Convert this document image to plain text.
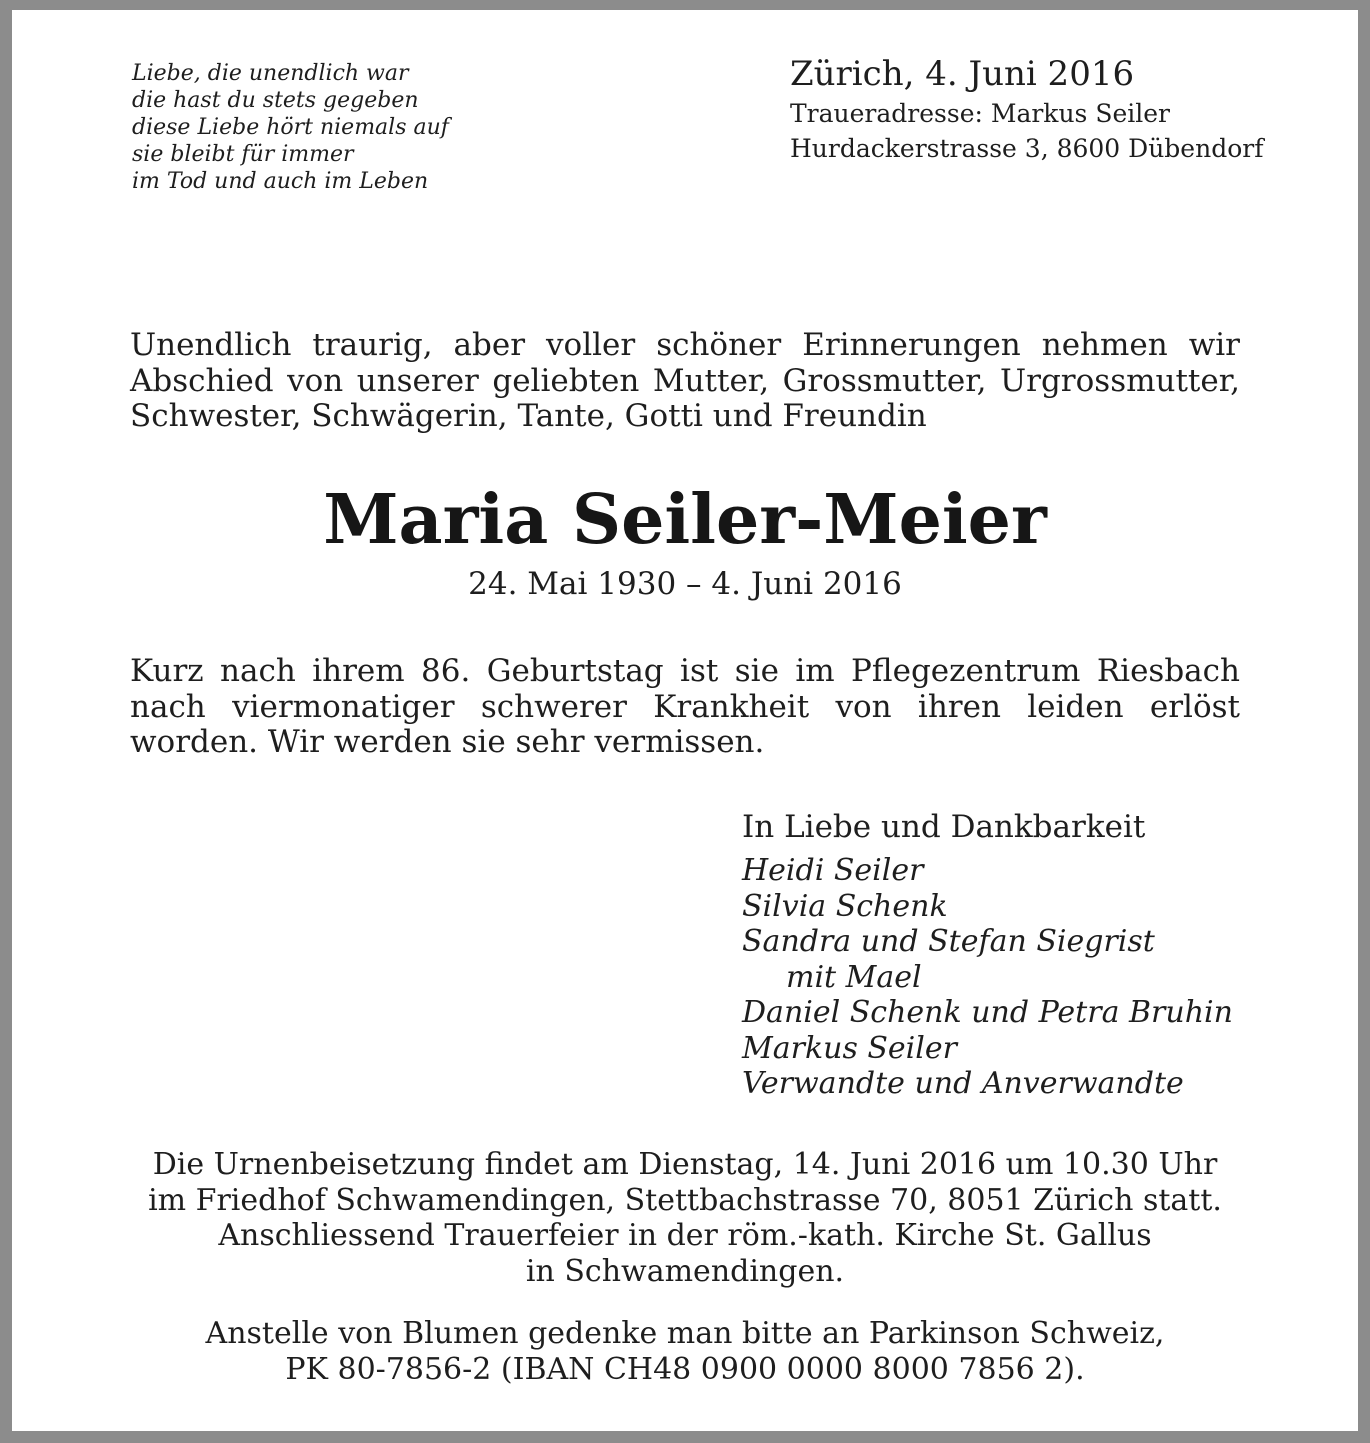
Liebe, die unendlich war
die hast du stets gegeben
diese Liebe hört niemals auf
sie bleibt für immer
im Tod und auch im Leben
Zürich, 4. Juni 2016
Traueradresse: Markus Seiler
Hurdackerstrasse 3, 8600 Dübendorf
Unendlich traurig, aber voller schöner Erinnerungen nehmen wir
Abschied von unserer geliebten Mutter, Grossmutter, Urgrossmutter,
Schwester, Schwägerin, Tante, Gotti und Freundin
Maria Seiler-Meier
24. Mai 1930 – 4. Juni 2016
Kurz nach ihrem 86. Geburtstag ist sie im Pflegezentrum Riesbach
nach viermonatiger schwerer Krankheit von ihren leiden erlöst
worden. Wir werden sie sehr vermissen.
In Liebe und Dankbarkeit
Heidi Seiler
Silvia Schenk
Sandra und Stefan Siegrist
mit Mael
Daniel Schenk und Petra Bruhin
Markus Seiler
Verwandte und Anverwandte
Die Urnenbeisetzung findet am Dienstag, 14. Juni 2016 um 10.30 Uhr
im Friedhof Schwamendingen, Stettbachstrasse 70, 8051 Zürich statt.
Anschliessend Trauerfeier in der röm.-kath. Kirche St. Gallus
in Schwamendingen.
Anstelle von Blumen gedenke man bitte an Parkinson Schweiz,
PK 80-7856-2 (IBAN CH48 0900 0000 8000 7856 2).
